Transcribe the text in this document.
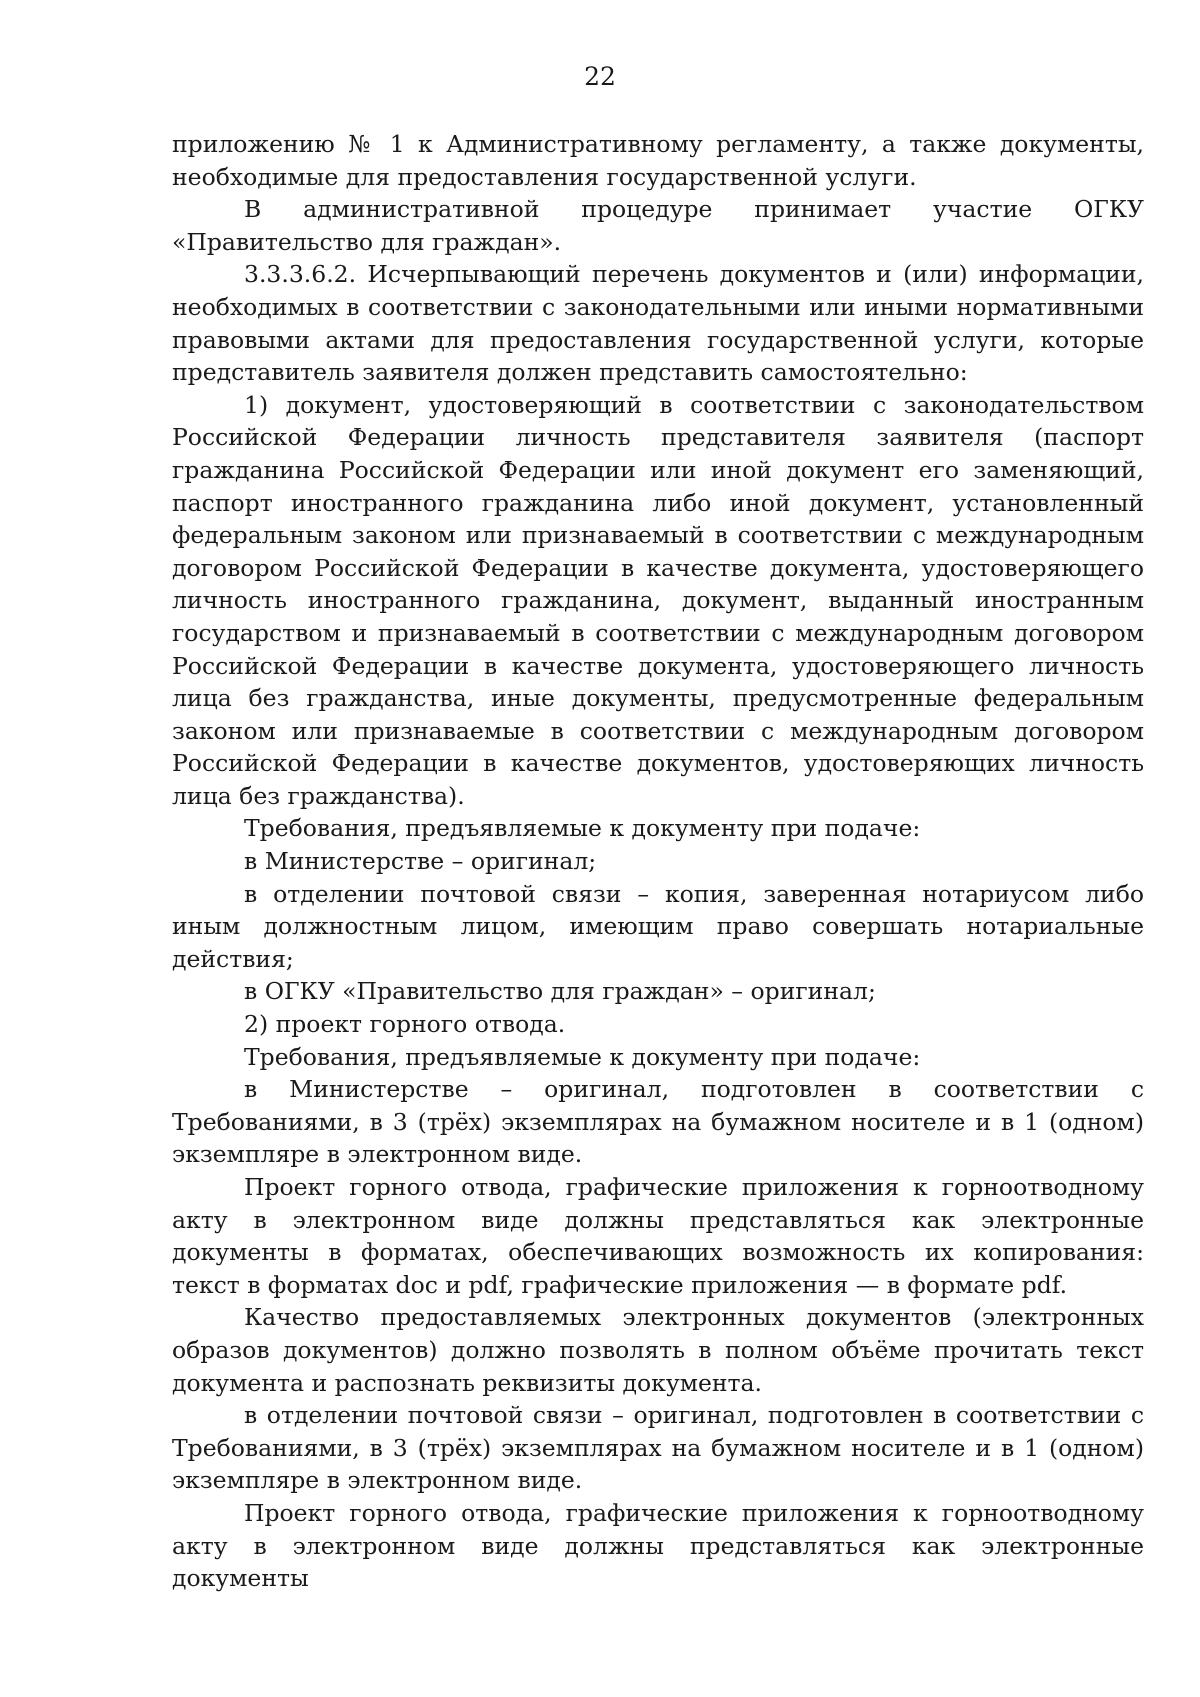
22

приложению № 1 к Административному регламенту, а также документы, необходимые для предоставления государственной услуги.

В административной процедуре принимает участие ОГКУ «Правительство для граждан».

3.3.3.6.2. Исчерпывающий перечень документов и (или) информации, необходимых в соответствии с законодательными или иными нормативными правовыми актами для предоставления государственной услуги, которые представитель заявителя должен представить самостоятельно:

1) документ, удостоверяющий в соответствии с законодательством Российской Федерации личность представителя заявителя (паспорт гражданина Российской Федерации или иной документ его заменяющий, паспорт иностранного гражданина либо иной документ, установленный федеральным законом или признаваемый в соответствии с международным договором Российской Федерации в качестве документа, удостоверяющего личность иностранного гражданина, документ, выданный иностранным государством и признаваемый в соответствии с международным договором Российской Федерации в качестве документа, удостоверяющего личность лица без гражданства, иные документы, предусмотренные федеральным законом или признаваемые в соответствии с международным договором Российской Федерации в качестве документов, удостоверяющих личность лица без гражданства).

Требования, предъявляемые к документу при подаче:

в Министерстве – оригинал;

в отделении почтовой связи – копия, заверенная нотариусом либо иным должностным лицом, имеющим право совершать нотариальные действия;

в ОГКУ «Правительство для граждан» – оригинал;

2) проект горного отвода.

Требования, предъявляемые к документу при подаче:

в Министерстве – оригинал, подготовлен в соответствии с Требованиями, в 3 (трёх) экземплярах на бумажном носителе и в 1 (одном) экземпляре в электронном виде.

Проект горного отвода, графические приложения к горноотводному акту в электронном виде должны представляться как электронные документы в форматах, обеспечивающих возможность их копирования: текст в форматах doc и pdf, графические приложения — в формате pdf.

Качество предоставляемых электронных документов (электронных образов документов) должно позволять в полном объёме прочитать текст документа и распознать реквизиты документа.

в отделении почтовой связи – оригинал, подготовлен в соответствии с Требованиями, в 3 (трёх) экземплярах на бумажном носителе и в 1 (одном) экземпляре в электронном виде.

Проект горного отвода, графические приложения к горноотводному акту в электронном виде должны представляться как электронные документы
